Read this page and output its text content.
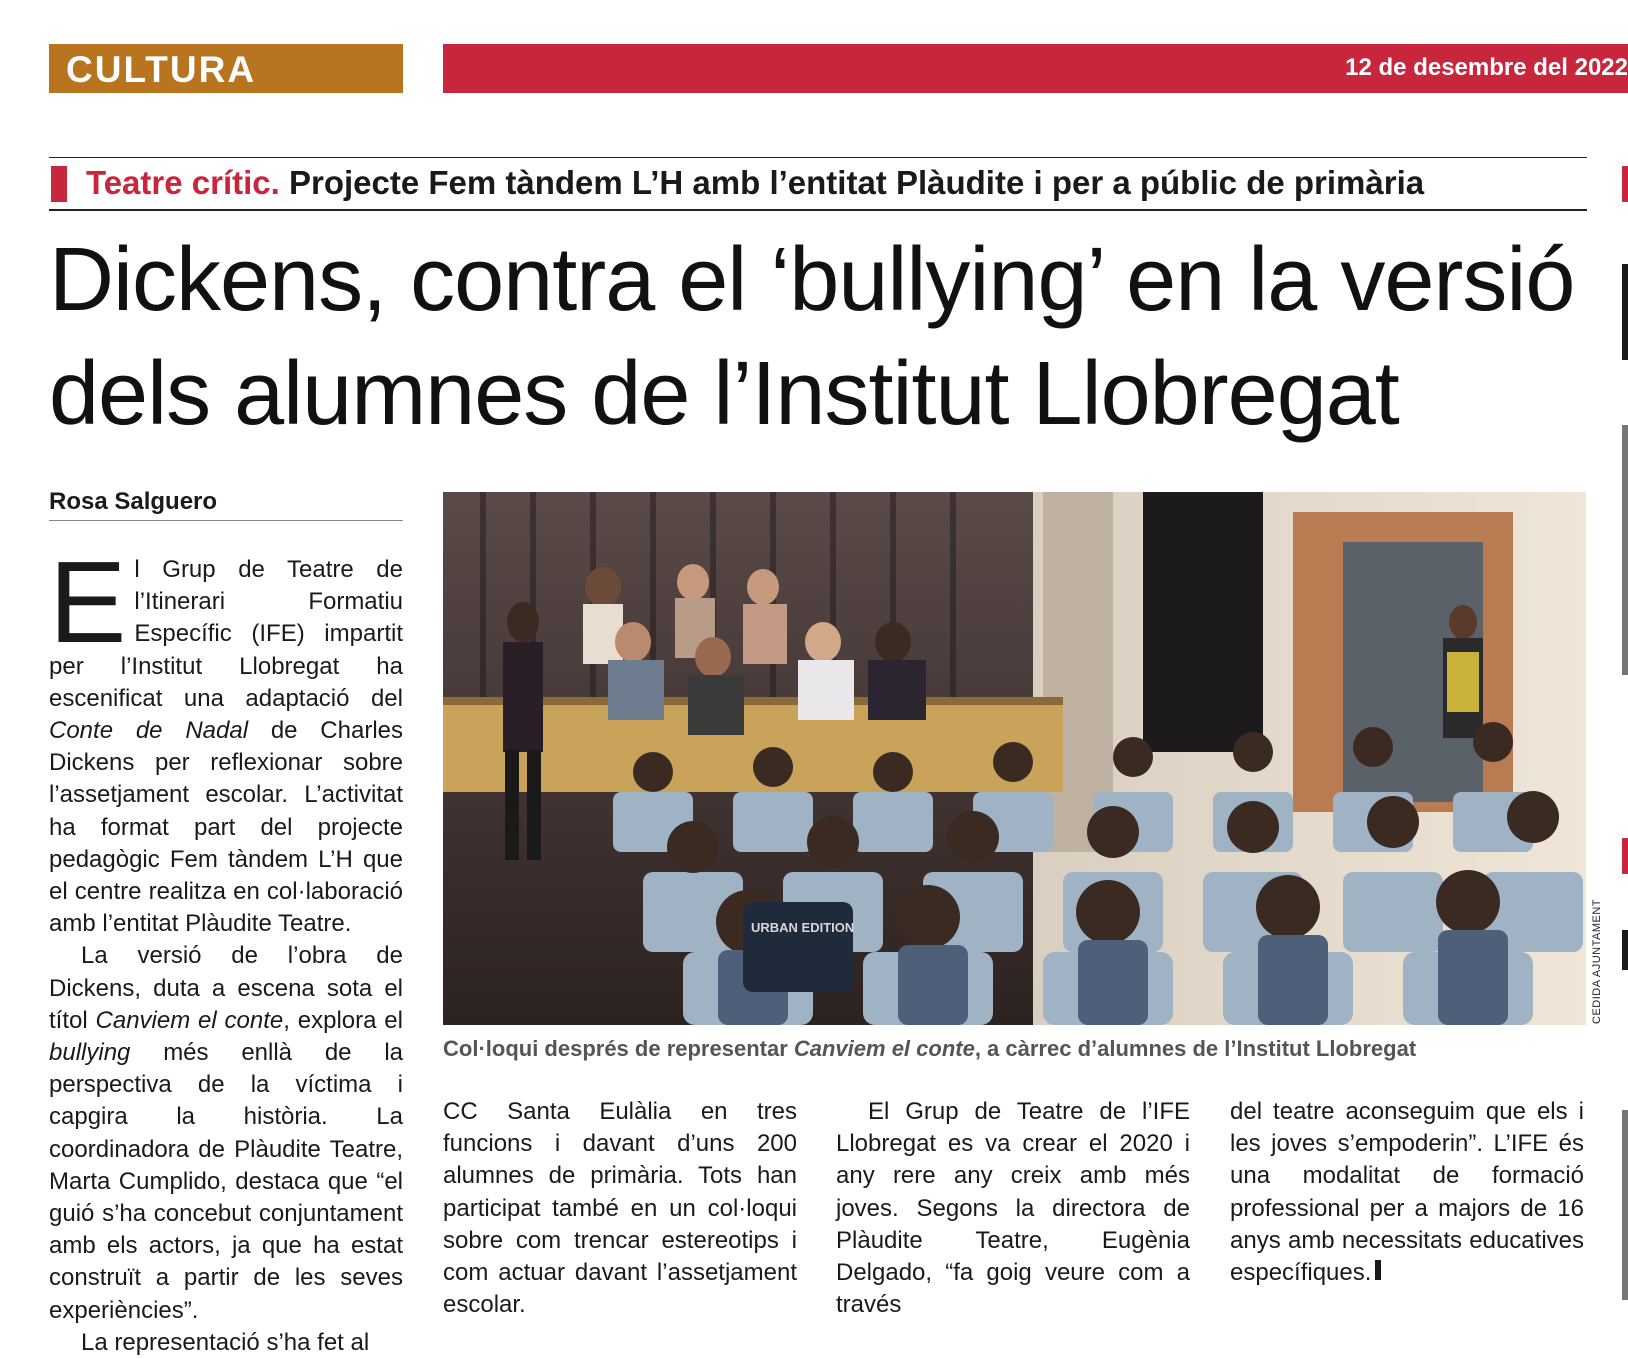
CULTURA	12 de desembre del 2022
Teatre crític. Projecte Fem tàndem L’H amb l’entitat Plàudite i per a públic de primària
Dickens, contra el ‘bullying’ en la versió
dels alumnes de l’Institut Llobregat
Rosa Salguero

El Grup de Teatre de l’Itinerari Formatiu Específic (IFE) impartit per l’Institut Llobregat ha escenificat una adaptació del Conte de Nadal de Charles Dickens per reflexionar sobre l’assetjament escolar. L’activitat ha format part del projecte pedagògic Fem tàndem L’H que el centre realitza en col·laboració amb l’entitat Plàudite Teatre.

La versió de l’obra de Dickens, duta a escena sota el títol Canviem el conte, explora el bullying més enllà de la perspectiva de la víctima i capgira la història. La coordinadora de Plàudite Teatre, Marta Cumplido, destaca que “el guió s’ha concebut conjuntament amb els actors, ja que ha estat construït a partir de les seves experiències”.

La representació s’ha fet al

URBAN EDITION	CEDIDA AJUNTAMENT
Col·loqui després de representar Canviem el conte, a càrrec d’alumnes de l’Institut Llobregat

CC Santa Eulàlia en tres funcions i davant d’uns 200 alumnes de primària. Tots han participat també en un col·loqui sobre com trencar estereotips i com actuar davant l’assetjament escolar.

El Grup de Teatre de l’IFE Llobregat es va crear el 2020 i any rere any creix amb més joves. Segons la directora de Plàudite Teatre, Eugènia Delgado, “fa goig veure com a través

del teatre aconseguim que els i les joves s’empoderin”. L’IFE és una modalitat de formació professional per a majors de 16 anys amb necessitats educatives específiques.
